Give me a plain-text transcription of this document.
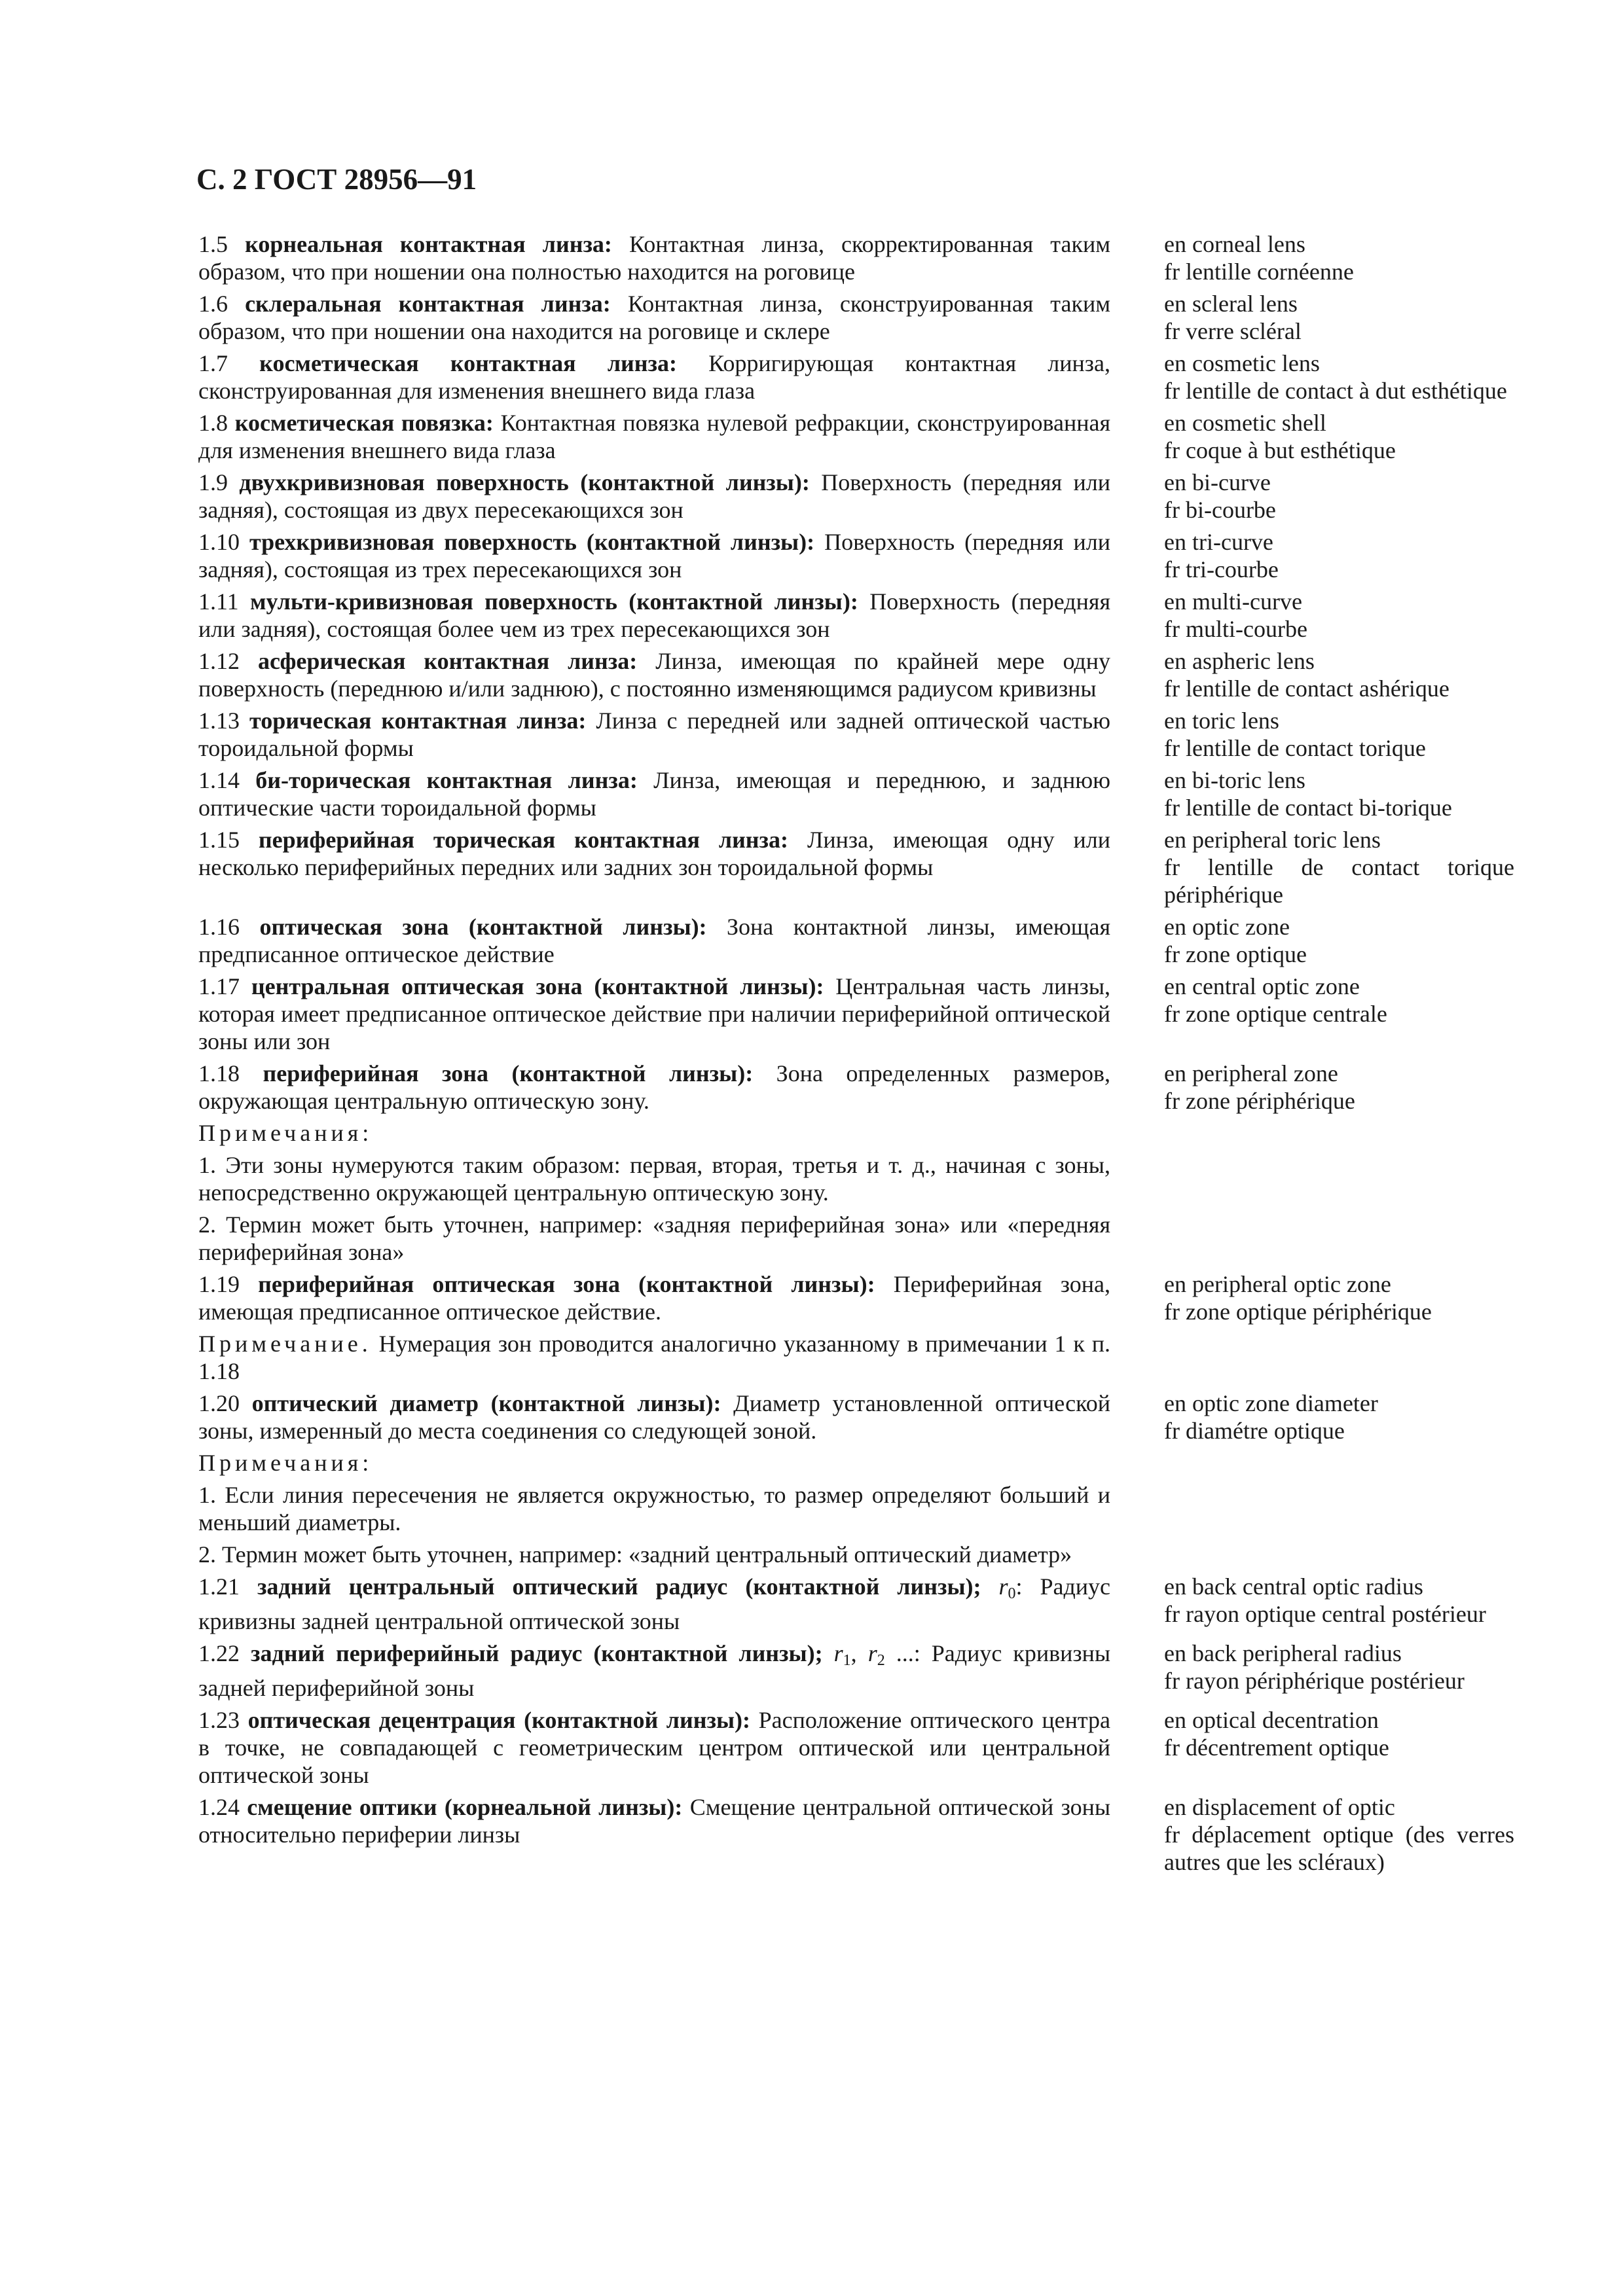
С. 2 ГОСТ 28956—91
1.5 корнеальная контактная линза: Контактная линза, скорректированная таким образом, что при ношении она полностью находится на роговице
en corneal lens
fr lentille cornéenne
1.6 склеральная контактная линза: Контактная линза, сконструированная таким образом, что при ношении она находится на роговице и склере
en scleral lens
fr verre scléral
1.7 косметическая контактная линза: Корригирующая контактная линза, сконструированная для изменения внешнего вида глаза
en cosmetic lens
fr lentille de contact à dut esthétique
1.8 косметическая повязка: Контактная повязка нулевой рефракции, сконструированная для изменения внешнего вида глаза
en cosmetic shell
fr coque à but esthétique
1.9 двухкривизновая поверхность (контактной линзы): Поверхность (передняя или задняя), состоящая из двух пересекающихся зон
en bi-curve
fr bi-courbe
1.10 трехкривизновая поверхность (контактной линзы): Поверхность (передняя или задняя), состоящая из трех пересекающихся зон
en tri-curve
fr tri-courbe
1.11 мульти-кривизновая поверхность (контактной линзы): Поверхность (передняя или задняя), состоящая более чем из трех пересекающихся зон
en multi-curve
fr multi-courbe
1.12 асферическая контактная линза: Линза, имеющая по крайней мере одну поверхность (переднюю и/или заднюю), с постоянно изменяющимся радиусом кривизны
en aspheric lens
fr lentille de contact ashérique
1.13 торическая контактная линза: Линза с передней или задней оптической частью тороидальной формы
en toric lens
fr lentille de contact torique
1.14 би-торическая контактная линза: Линза, имеющая и переднюю, и заднюю оптические части тороидальной формы
en bi-toric lens
fr lentille de contact bi-torique
1.15 периферийная торическая контактная линза: Линза, имеющая одну или несколько периферийных передних или задних зон тороидальной формы
en peripheral toric lens
fr lentille de contact torique périphérique
1.16 оптическая зона (контактной линзы): Зона контактной линзы, имеющая предписанное оптическое действие
en optic zone
fr zone optique
1.17 центральная оптическая зона (контактной линзы): Центральная часть линзы, которая имеет предписанное оптическое действие при наличии периферийной оптической зоны или зон
en central optic zone
fr zone optique centrale
1.18 периферийная зона (контактной линзы): Зона определенных размеров, окружающая центральную оптическую зону.
en peripheral zone
fr zone périphérique
Примечания:
1. Эти зоны нумеруются таким образом: первая, вторая, третья и т. д., начиная с зоны, непосредственно окружающей центральную оптическую зону.
2. Термин может быть уточнен, например: «задняя периферийная зона» или «передняя периферийная зона»
1.19 периферийная оптическая зона (контактной линзы): Периферийная зона, имеющая предписанное оптическое действие.
en peripheral optic zone
fr zone optique périphérique
Примечание. Нумерация зон проводится аналогично указанному в примечании 1 к п. 1.18
1.20 оптический диаметр (контактной линзы): Диаметр установленной оптической зоны, измеренный до места соединения со следующей зоной.
en optic zone diameter
fr diamétre optique
Примечания:
1. Если линия пересечения не является окружностью, то размер определяют больший и меньший диаметры.
2. Термин может быть уточнен, например: «задний центральный оптический диаметр»
1.21 задний центральный оптический радиус (контактной линзы); $r_0$: Радиус кривизны задней центральной оптической зоны
en back central optic radius
fr rayon optique central postérieur
1.22 задний периферийный радиус (контактной линзы); $r_1$, $r_2$ ...: Радиус кривизны задней периферийной зоны
en back peripheral radius
fr rayon périphérique postérieur
1.23 оптическая децентрация (контактной линзы): Расположение оптического центра в точке, не совпадающей с геометрическим центром оптической или центральной оптической зоны
en optical decentration
fr décentrement optique
1.24 смещение оптики (корнеальной линзы): Смещение центральной оптической зоны относительно периферии линзы
en displacement of optic
fr déplacement optique (des verres autres que les scléraux)
